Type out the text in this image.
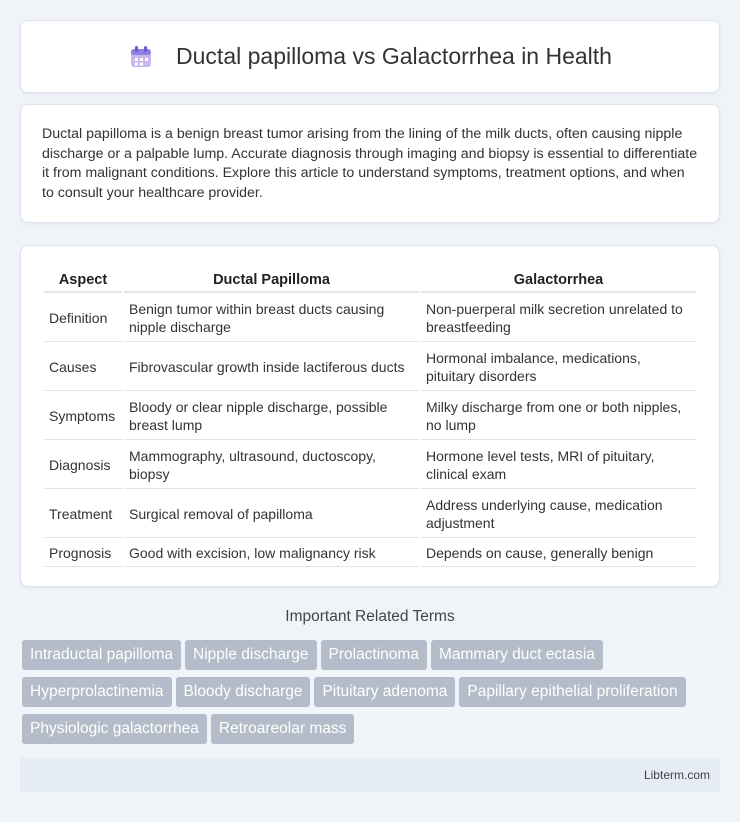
Ductal papilloma vs Galactorrhea in Health

Ductal papilloma is a benign breast tumor arising from the lining of the milk ducts, often causing nipple discharge or a palpable lump. Accurate diagnosis through imaging and biopsy is essential to differentiate it from malignant conditions. Explore this article to understand symptoms, treatment options, and when to consult your healthcare provider.

Aspect	Ductal Papilloma	Galactorrhea
Definition	Benign tumor within breast ducts causing nipple discharge	Non-puerperal milk secretion unrelated to breastfeeding
Causes	Fibrovascular growth inside lactiferous ducts	Hormonal imbalance, medications, pituitary disorders
Symptoms	Bloody or clear nipple discharge, possible breast lump	Milky discharge from one or both nipples, no lump
Diagnosis	Mammography, ultrasound, ductoscopy, biopsy	Hormone level tests, MRI of pituitary, clinical exam
Treatment	Surgical removal of papilloma	Address underlying cause, medication adjustment
Prognosis	Good with excision, low malignancy risk	Depends on cause, generally benign
Important Related Terms
Intraductal papilloma Nipple discharge Prolactinoma Mammary duct ectasiaHyperprolactinemia Bloody discharge Pituitary adenoma Papillary epithelial proliferationPhysiologic galactorrhea Retroareolar mass
Libterm.com
